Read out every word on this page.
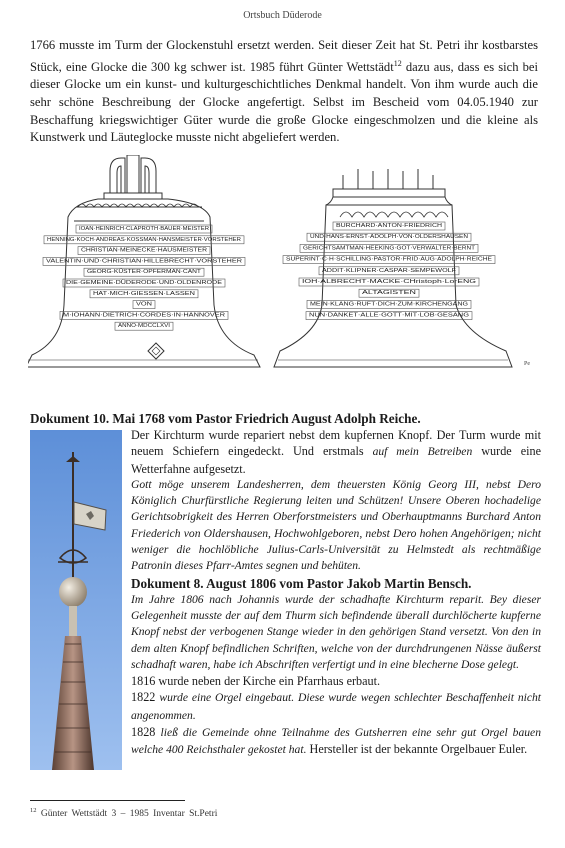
Ortsbuch Düderode
1766 musste im Turm der Glockenstuhl ersetzt werden. Seit dieser Zeit hat St. Petri ihr kostbarstes Stück, eine Glocke die 300 kg schwer ist. 1985 führt Günter Wettstädt$^{12}$ dazu aus, dass es sich bei dieser Glocke um ein kunst- und kulturgeschichtliches Denkmal handelt. Von ihm wurde auch die sehr schöne Beschreibung der Glocke angefertigt. Selbst im Bescheid vom 04.05.1940 zur Beschaffung kriegswichtiger Güter wurde die große Glocke eingeschmolzen und die kleine als Kunstwerk und Läuteglocke musste nicht abgeliefert werden.
IOAN·HEINRICH·CLAPROTH·BAUER·MEISTER
HENNING·KOCH·ANDREAS·KOSSMAN·HANSMEISTER·VORSTEHER
CHRISTIAN·MEINECKE·HAUSMEISTER
VALENTIN·UND·CHRISTIAN·HILLEBRECHT·VORSTEHER
GEORG·KÜSTER·OPFERMAN·CANT
DIE·GEMEINE·DÜDERODE·UND·OLDENRODE
HAT·MICH·GIESSEN·LASSEN
VON
M·IOHANN·DIETRICH·CORDES·IN·HANNOVER
ANNO·MDCCLXVI
BURCHARD·ANTON·FRIEDRICH
UND·HANS·ERNST·ADOLPH·VON·OLDERSHAUSEN
GERICHTSAMTMAN·HEEKING·GOT·VERWALTER·BERNT
SUPERINT·C·H·SCHILLING·PASTOR·FRID·AUG·ADOLPH·REICHE
ADDIT·KLIPNER·CASPAR·SEMPEWOLF
IOH·ALBRECHT·MACKE·CHristoph·LorENG
ALTAGISTEN
MEIN·KLANG·RUFT·DICH·ZUM·KIRCHENGANG
NUN·DANKET·ALLE·GOTT·MIT·LOB·GESANG
Pe
Dokument 10. Mai 1768 vom Pastor Friedrich August Adolph Reiche.

Der Kirchturm wurde repariert nebst dem kupfernen Knopf. Der Turm wurde mit neuem Schiefern eingedeckt. Und erstmals auf mein Betreiben wurde eine Wetterfahne aufgesetzt.

Gott möge unserem Landesherren, dem theuersten König Georg III, nebst Dero Königlich Churfürstliche Regierung leiten und Schützen! Unsere Oberen hochadelige Gerichtsobrigkeit des Herren Oberforstmeisters und Oberhauptmanns Burchard Anton Friederich von Oldershausen, Hochwohlgeboren, nebst Dero hohen Angehörigen; nicht weniger die hochlöbliche Julius-Carls-Universität zu Helmstedt als rechtmäßige Patronin dieses Pfarr-Amtes segnen und behüten.

Dokument 8. August 1806 vom Pastor Jakob Martin Bensch.

Im Jahre 1806 nach Johannis wurde der schadhafte Kirchturm reparit. Bey dieser Gelegenheit musste der auf dem Thurm sich befindende überall durchlöcherte kupferne Knopf nebst der verbogenen Stange wieder in den gehörigen Stand versetzt. Von den in dem alten Knopf befindlichen Schriften, welche von der durchdrungenen Nässe äußerst schadhaft waren, habe ich Abschriften verfertigt und in eine blecherne Dose gelegt.

1816 wurde neben der Kirche ein Pfarrhaus erbaut.

1822 wurde eine Orgel eingebaut. Diese wurde wegen schlechter Beschaffenheit nicht angenommen.

1828 ließ die Gemeinde ohne Teilnahme des Gutsherren eine sehr gut Orgel bauen welche 400 Reichsthaler gekostet hat. Hersteller ist der bekannte Orgelbauer Euler.

$^{12}$ Günter Wettstädt 3 – 1985 Inventar St.Petri
